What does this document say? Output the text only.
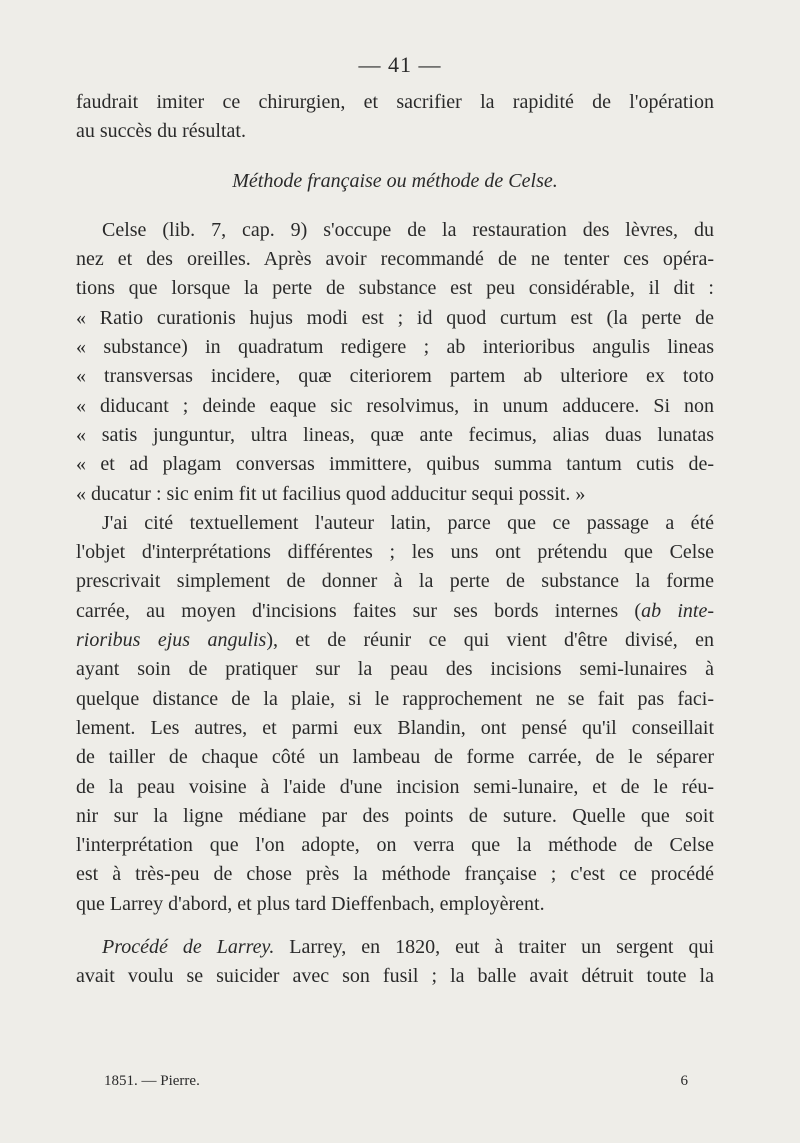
— 41 —
faudrait imiter ce chirurgien, et sacrifier la rapidité de l'opération
au succès du résultat.
Méthode française ou méthode de Celse.
Celse (lib. 7, cap. 9) s'occupe de la restauration des lèvres, du
nez et des oreilles. Après avoir recommandé de ne tenter ces opéra-
tions que lorsque la perte de substance est peu considérable, il dit :
« Ratio curationis hujus modi est ; id quod curtum est (la perte de
« substance) in quadratum redigere ; ab interioribus angulis lineas
« transversas incidere, quæ citeriorem partem ab ulteriore ex toto
« diducant ; deinde eaque sic resolvimus, in unum adducere. Si non
« satis junguntur, ultra lineas, quæ ante fecimus, alias duas lunatas
« et ad plagam conversas immittere, quibus summa tantum cutis de-
« ducatur : sic enim fit ut facilius quod adducitur sequi possit. »
J'ai cité textuellement l'auteur latin, parce que ce passage a été
l'objet d'interprétations différentes ; les uns ont prétendu que Celse
prescrivait simplement de donner à la perte de substance la forme
carrée, au moyen d'incisions faites sur ses bords internes (ab inte-
rioribus ejus angulis), et de réunir ce qui vient d'être divisé, en
ayant soin de pratiquer sur la peau des incisions semi-lunaires à
quelque distance de la plaie, si le rapprochement ne se fait pas faci-
lement. Les autres, et parmi eux Blandin, ont pensé qu'il conseillait
de tailler de chaque côté un lambeau de forme carrée, de le séparer
de la peau voisine à l'aide d'une incision semi-lunaire, et de le réu-
nir sur la ligne médiane par des points de suture. Quelle que soit
l'interprétation que l'on adopte, on verra que la méthode de Celse
est à très-peu de chose près la méthode française ; c'est ce procédé
que Larrey d'abord, et plus tard Dieffenbach, employèrent.
Procédé de Larrey. Larrey, en 1820, eut à traiter un sergent qui
avait voulu se suicider avec son fusil ; la balle avait détruit toute la
1851. — Pierre.	6
